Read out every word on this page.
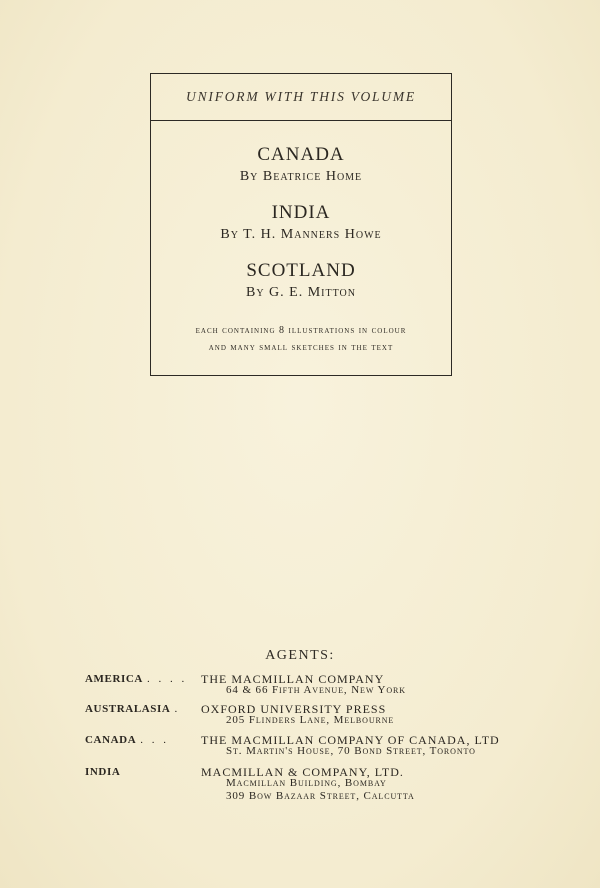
UNIFORM WITH THIS VOLUME
CANADA
By Beatrice Home
INDIA
By T. H. Manners Howe
SCOTLAND
By G. E. Mitton
each containing 8 illustrations in colour
and many small sketches in the text
AGENTS:
AMERICA . . . . THE MACMILLAN COMPANY
64 & 66 Fifth Avenue, New York
AUSTRALASIA . OXFORD UNIVERSITY PRESS
205 Flinders Lane, Melbourne
CANADA . . .	THE MACMILLAN COMPANY OF CANADA, LTD
St. Martin's House, 70 Bond Street, Toronto
INDIA	MACMILLAN & COMPANY, LTD.
Macmillan Building, Bombay
309 Bow Bazaar Street, Calcutta
